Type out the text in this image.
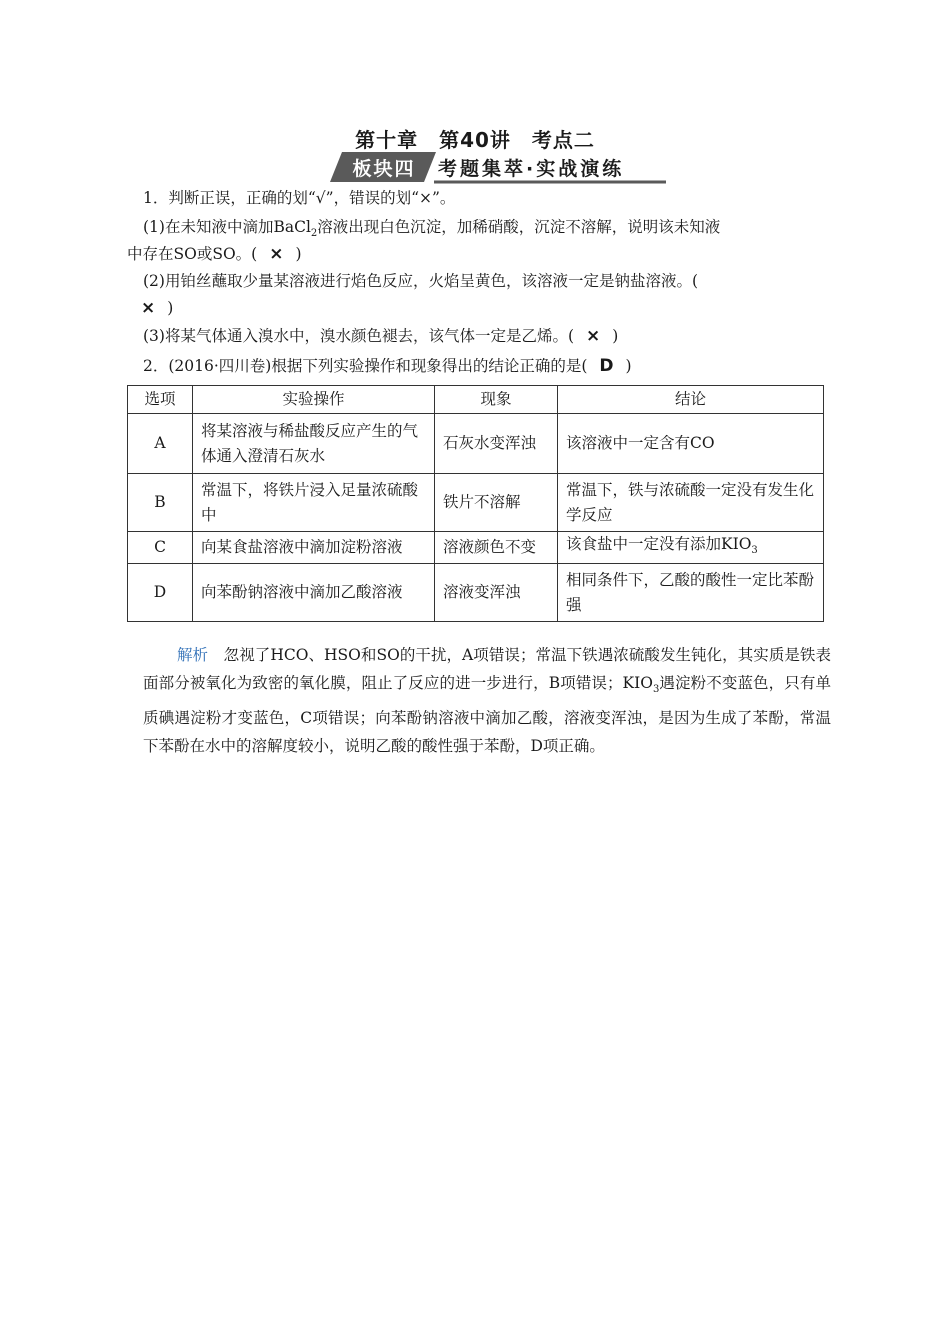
第十章　第40讲　考点二
板块四	考题集萃·实战演练
1．判断正误，正确的划“√”，错误的划“×”。
(1)在未知液中滴加BaCl$_2$溶液出现白色沉淀，加稀硝酸，沉淀不溶解，说明该未知液
中存在SO或SO。( × )
(2)用铂丝蘸取少量某溶液进行焰色反应，火焰呈黄色，该溶液一定是钠盐溶液。(
× )
(3)将某气体通入溴水中，溴水颜色褪去，该气体一定是乙烯。( × )
2．(2016·四川卷)根据下列实验操作和现象得出的结论正确的是( D )
选项	实验操作	现象	结论
A	将某溶液与稀盐酸反应产生的气体通入澄清石灰水	石灰水变浑浊	该溶液中一定含有CO
B	常温下，将铁片浸入足量浓硫酸中	铁片不溶解	常温下，铁与浓硫酸一定没有发生化学反应
C	向某食盐溶液中滴加淀粉溶液	溶液颜色不变	该食盐中一定没有添加$KIO_3$
D	向苯酚钠溶液中滴加乙酸溶液	溶液变浑浊	相同条件下，乙酸的酸性一定比苯酚强
解析　 忽视了HCO、HSO和SO的干扰，A项错误；常温下铁遇浓硫酸发生钝化，其实质是铁表面部分被氧化为致密的氧化膜，阻止了反应的进一步进行，B项错误；$KIO_3$遇淀粉不变蓝色，只有单质碘遇淀粉才变蓝色，C项错误；向苯酚钠溶液中滴加乙酸，溶液变浑浊，是因为生成了苯酚，常温下苯酚在水中的溶解度较小，说明乙酸的酸性强于苯酚，D项正确。
